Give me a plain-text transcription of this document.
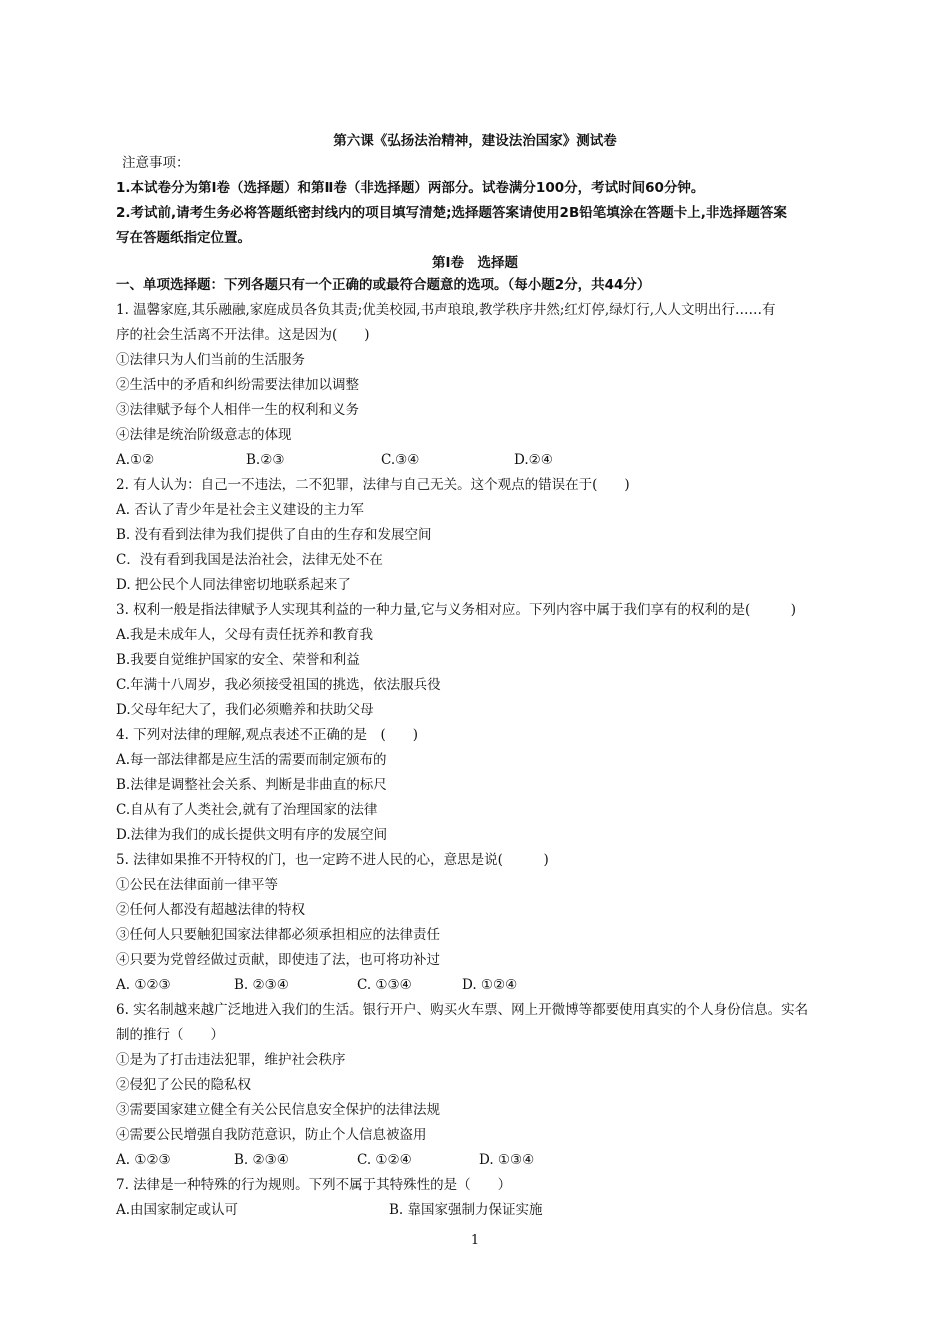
第六课《弘扬法治精神，建设法治国家》测试卷
注意事项：
1.本试卷分为第Ⅰ卷（选择题）和第Ⅱ卷（非选择题）两部分。试卷满分100分，考试时间60分钟。
2.考试前,请考生务必将答题纸密封线内的项目填写清楚;选择题答案请使用2B铅笔填涂在答题卡上,非选择题答案
写在答题纸指定位置。
第Ⅰ卷　选择题
一、单项选择题：下列各题只有一个正确的或最符合题意的选项。（每小题2分，共44分）
1. 温馨家庭,其乐融融,家庭成员各负其责;优美校园,书声琅琅,教学秩序井然;红灯停,绿灯行,人人文明出行……有
序的社会生活离不开法律。这是因为(　　)
①法律只为人们当前的生活服务
②生活中的矛盾和纠纷需要法律加以调整
③法律赋予每个人相伴一生的权利和义务
④法律是统治阶级意志的体现
A.①②	B.②③	C.③④	D.②④
2. 有人认为：自己一不违法，二不犯罪，法律与自己无关。这个观点的错误在于(　　)
A. 否认了青少年是社会主义建设的主力军
B. 没有看到法律为我们提供了自由的生存和发展空间
C．没有看到我国是法治社会，法律无处不在
D. 把公民个人同法律密切地联系起来了
3. 权利一般是指法律赋予人实现其利益的一种力量,它与义务相对应。下列内容中属于我们享有的权利的是(　　　)
A.我是未成年人，父母有责任抚养和教育我
B.我要自觉维护国家的安全、荣誉和利益
C.年满十八周岁，我必须接受祖国的挑选，依法服兵役
D.父母年纪大了，我们必须赡养和扶助父母
4. 下列对法律的理解,观点表述不正确的是　(　　)
A.每一部法律都是应生活的需要而制定颁布的
B.法律是调整社会关系、判断是非曲直的标尺
C.自从有了人类社会,就有了治理国家的法律
D.法律为我们的成长提供文明有序的发展空间
5. 法律如果推不开特权的门，也一定跨不进人民的心，意思是说(　　　)
①公民在法律面前一律平等
②任何人都没有超越法律的特权
③任何人只要触犯国家法律都必须承担相应的法律责任
④只要为党曾经做过贡献，即使违了法，也可将功补过
A. ①②③	B. ②③④	C. ①③④	D. ①②④
6. 实名制越来越广泛地进入我们的生活。银行开户、购买火车票、网上开微博等都要使用真实的个人身份信息。实名
制的推行（　　）
①是为了打击违法犯罪，维护社会秩序
②侵犯了公民的隐私权
③需要国家建立健全有关公民信息安全保护的法律法规
④需要公民增强自我防范意识，防止个人信息被盗用
A. ①②③	B. ②③④	C. ①②④	D. ①③④
7. 法律是一种特殊的行为规则。下列不属于其特殊性的是（　　）
A.由国家制定或认可	B. 靠国家强制力保证实施
1
